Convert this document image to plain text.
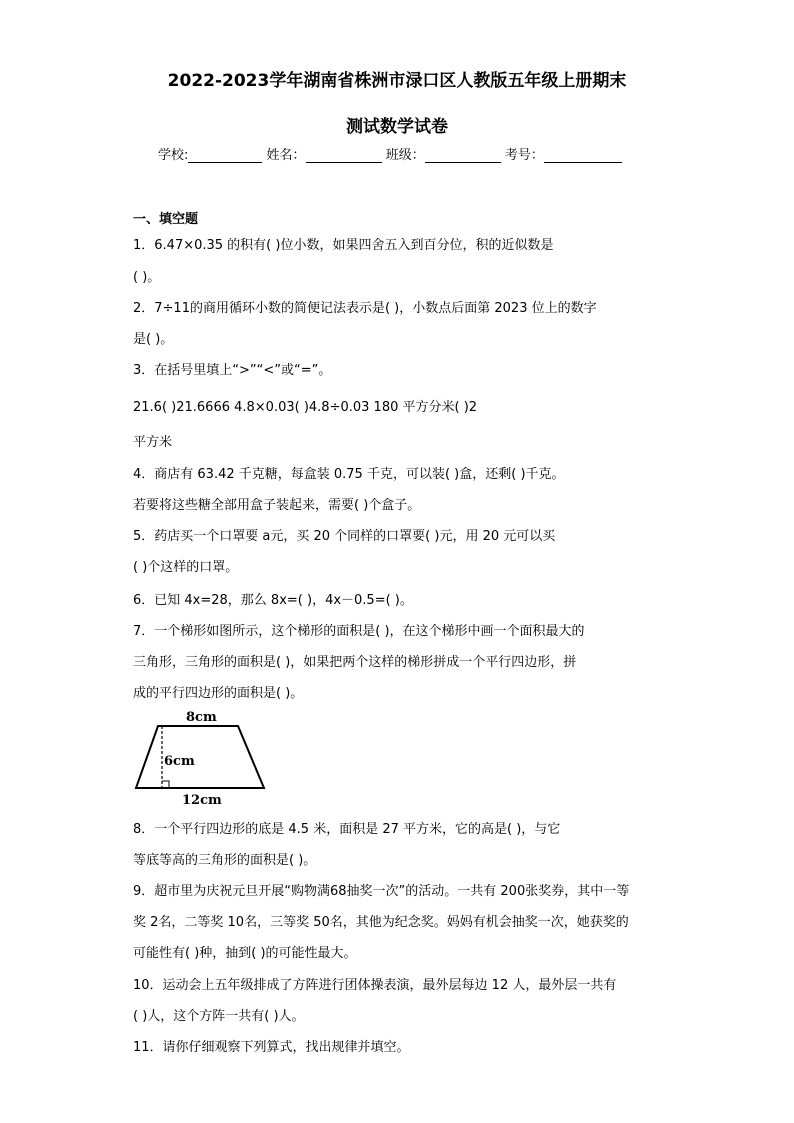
2022-2023学年湖南省株洲市渌口区人教版五年级上册期末
测试数学试卷
学校:	姓名：	班级：	考号：
一、填空题
1．6.47×0.35 的积有( )位小数，如果四舍五入到百分位，积的近似数是
( )。
2．7÷11的商用循环小数的简便记法表示是( )，小数点后面第 2023 位上的数字
是( )。
3．在括号里填上“>”“<”或“=”。
21.6̇( )21.6666 4.8×0.03( )4.8÷0.03 180 平方分米( )2
平方米
4．商店有 63.42 千克糖，每盒装 0.75 千克，可以装( )盒，还剩( )千克。
若要将这些糖全部用盒子装起来，需要( )个盒子。
5．药店买一个口罩要 a元，买 20 个同样的口罩要( )元，用 20 元可以买
( )个这样的口罩。
6．已知 4x=28，那么 8x=( )，4x－0.5=( )。
7．一个梯形如图所示，这个梯形的面积是( )，在这个梯形中画一个面积最大的
三角形，三角形的面积是( )，如果把两个这样的梯形拼成一个平行四边形，拼
成的平行四边形的面积是( )。
8cm
6cm
12cm
8．一个平行四边形的底是 4.5 米，面积是 27 平方米，它的高是( )，与它
等底等高的三角形的面积是( )。
9．超市里为庆祝元旦开展“购物满68抽奖一次”的活动。一共有 200张奖券，其中一等
奖 2名，二等奖 10名，三等奖 50名，其他为纪念奖。妈妈有机会抽奖一次，她获奖的
可能性有( )种，抽到( )的可能性最大。
10．运动会上五年级排成了方阵进行团体操表演，最外层每边 12 人，最外层一共有
( )人，这个方阵一共有( )人。
11．请你仔细观察下列算式，找出规律并填空。
